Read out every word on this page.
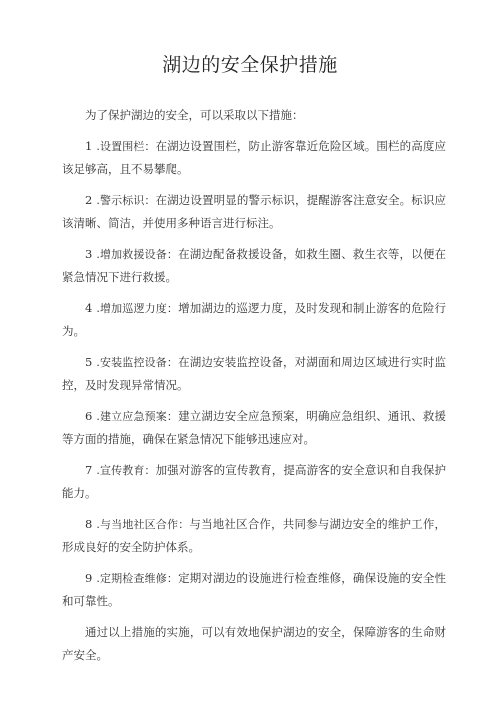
湖边的安全保护措施

为了保护湖边的安全，可以采取以下措施：

1 .设置围栏：在湖边设置围栏，防止游客靠近危险区域。围栏的高度应该足够高，且不易攀爬。

2 .警示标识：在湖边设置明显的警示标识，提醒游客注意安全。标识应该清晰、简洁，并使用多种语言进行标注。

3 .增加救援设备：在湖边配备救援设备，如救生圈、救生衣等，以便在紧急情况下进行救援。

4 .增加巡逻力度：增加湖边的巡逻力度，及时发现和制止游客的危险行为。

5 .安装监控设备：在湖边安装监控设备，对湖面和周边区域进行实时监控，及时发现异常情况。

6 .建立应急预案：建立湖边安全应急预案，明确应急组织、通讯、救援等方面的措施，确保在紧急情况下能够迅速应对。

7 .宣传教育：加强对游客的宣传教育，提高游客的安全意识和自我保护能力。

8 .与当地社区合作：与当地社区合作，共同参与湖边安全的维护工作，形成良好的安全防护体系。

9 .定期检查维修：定期对湖边的设施进行检查维修，确保设施的安全性和可靠性。

通过以上措施的实施，可以有效地保护湖边的安全，保障游客的生命财产安全。
